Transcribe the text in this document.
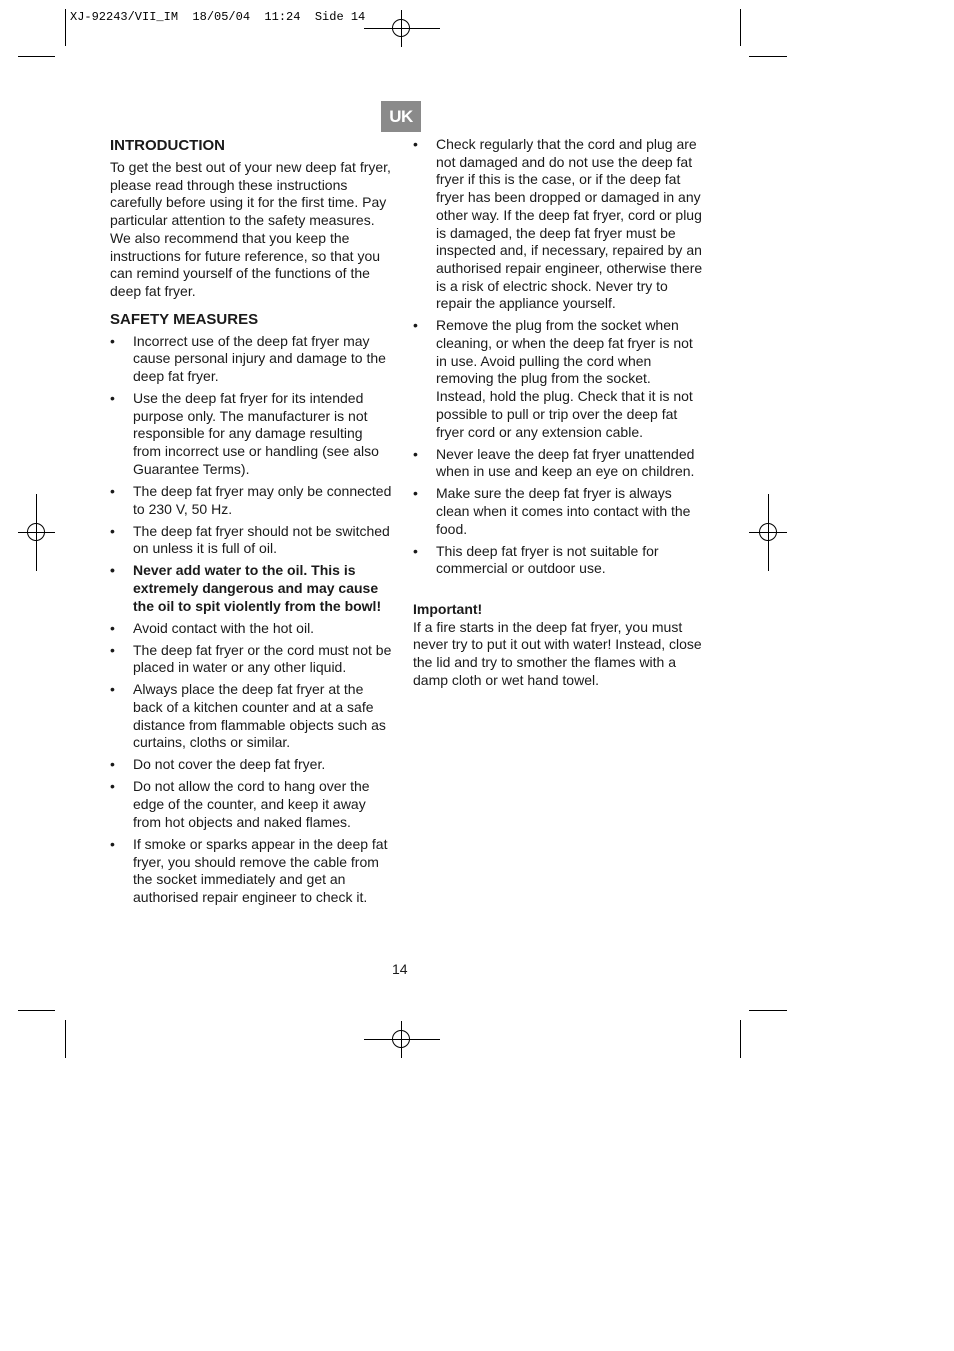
XJ-92243/VII_IM  18/05/04  11:24  Side 14
UK
INTRODUCTION

To get the best out of your new deep fat fryer, please read through these instructions carefully before using it for the first time. Pay particular attention to the safety measures. We also recommend that you keep the instructions for future reference, so that you can remind yourself of the functions of the deep fat fryer.

SAFETY MEASURES
• Incorrect use of the deep fat fryer may cause personal injury and damage to the deep fat fryer.
• Use the deep fat fryer for its intended purpose only. The manufacturer is not responsible for any damage resulting from incorrect use or handling (see also Guarantee Terms).
• The deep fat fryer may only be connected to 230 V, 50 Hz.
• The deep fat fryer should not be switched on unless it is full of oil.
• Never add water to the oil. This is extremely dangerous and may cause the oil to spit violently from the bowl!
• Avoid contact with the hot oil.
• The deep fat fryer or the cord must not be placed in water or any other liquid.
• Always place the deep fat fryer at the back of a kitchen counter and at a safe distance from flammable objects such as curtains, cloths or similar.
• Do not cover the deep fat fryer.
• Do not allow the cord to hang over the edge of the counter, and keep it away from hot objects and naked flames.
• If smoke or sparks appear in the deep fat fryer, you should remove the cable from the socket immediately and get an authorised repair engineer to check it.
• Check regularly that the cord and plug are not damaged and do not use the deep fat fryer if this is the case, or if the deep fat fryer has been dropped or damaged in any other way. If the deep fat fryer, cord or plug is damaged, the deep fat fryer must be inspected and, if necessary, repaired by an authorised repair engineer, otherwise there is a risk of electric shock. Never try to repair the appliance yourself.
• Remove the plug from the socket when cleaning, or when the deep fat fryer is not in use. Avoid pulling the cord when removing the plug from the socket. Instead, hold the plug. Check that it is not possible to pull or trip over the deep fat fryer cord or any extension cable.
• Never leave the deep fat fryer unattended when in use and keep an eye on children.
• Make sure the deep fat fryer is always clean when it comes into contact with the food.
• This deep fat fryer is not suitable for commercial or outdoor use.
Important!

If a fire starts in the deep fat fryer, you must never try to put it out with water! Instead, close the lid and try to smother the flames with a damp cloth or wet hand towel.

14
